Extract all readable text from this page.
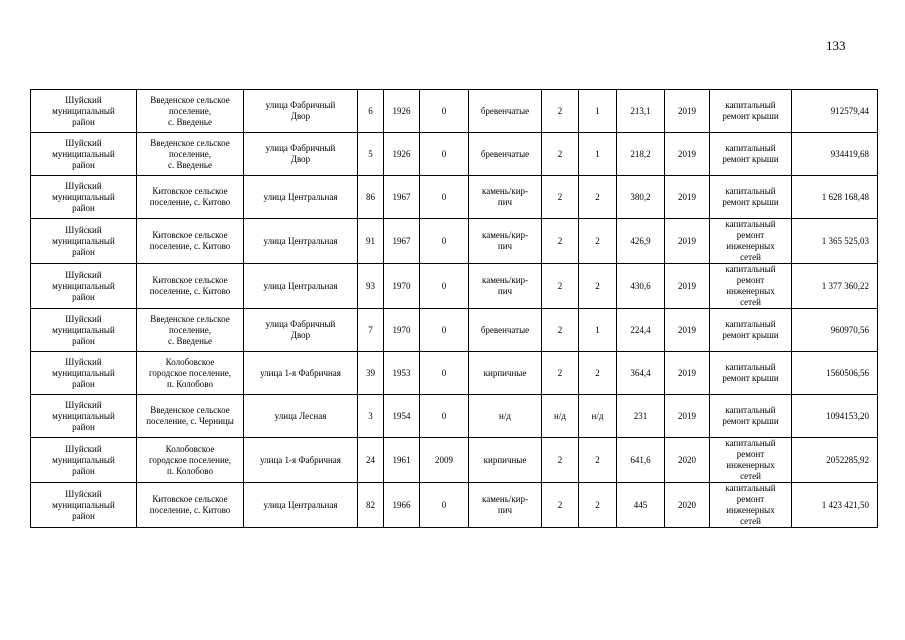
133
Шуйский
муниципальный
район	Введенское сельское
поселение,
с. Введенье	улица Фабричный
Двор	6	1926	0	бревенчатые	2	1	213,1	2019	капитальный
ремонт крыши	912579,44
Шуйский
муниципальный
район	Введенское сельское
поселение,
с. Введенье	улица Фабричный
Двор	5	1926	0	бревенчатые	2	1	218,2	2019	капитальный
ремонт крыши	934419,68
Шуйский
муниципальный
район	Китовское сельское
поселение, с. Китово	улица Центральная	86	1967	0	камень/кир-
пич	2	2	380,2	2019	капитальный
ремонт крыши	1 628 168,48
Шуйский
муниципальный
район	Китовское сельское
поселение, с. Китово	улица Центральная	91	1967	0	камень/кир-
пич	2	2	426,9	2019	капитальный
ремонт
инженерных
сетей	1 365 525,03
Шуйский
муниципальный
район	Китовское сельское
поселение, с. Китово	улица Центральная	93	1970	0	камень/кир-
пич	2	2	430,6	2019	капитальный
ремонт
инженерных
сетей	1 377 360,22
Шуйский
муниципальный
район	Введенское сельское
поселение,
с. Введенье	улица Фабричный
Двор	7	1970	0	бревенчатые	2	1	224,4	2019	капитальный
ремонт крыши	960970,56
Шуйский
муниципальный
район	Колобовское
городское поселение,
п. Колобово	улица 1-я Фабричная	39	1953	0	кирпичные	2	2	364,4	2019	капитальный
ремонт крыши	1560506,56
Шуйский
муниципальный
район	Введенское сельское
поселение, с. Черницы	улица Лесная	3	1954	0	н/д	н/д	н/д	231	2019	капитальный
ремонт крыши	1094153,20
Шуйский
муниципальный
район	Колобовское
городское поселение,
п. Колобово	улица 1-я Фабричная	24	1961	2009	кирпичные	2	2	641,6	2020	капитальный
ремонт
инженерных
сетей	2052285,92
Шуйский
муниципальный
район	Китовское сельское
поселение, с. Китово	улица Центральная	82	1966	0	камень/кир-
пич	2	2	445	2020	капитальный
ремонт
инженерных
сетей	1 423 421,50
